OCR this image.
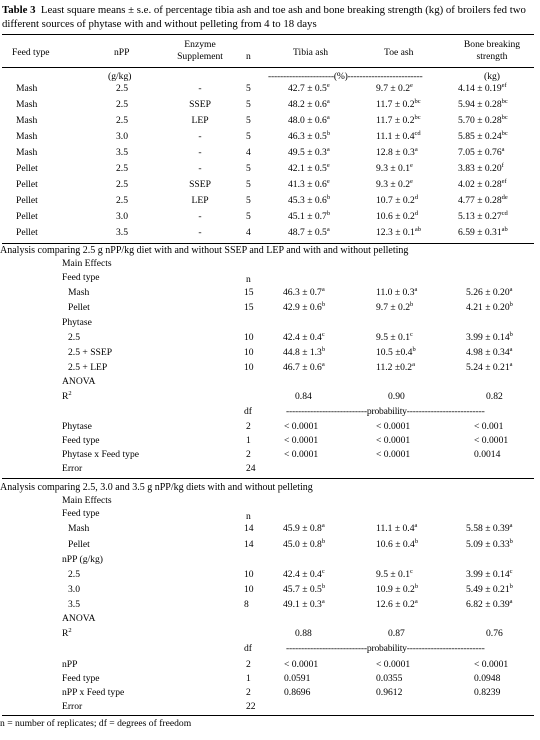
Table 3 Least square means ± s.e. of percentage tibia ash and toe ash and bone breaking strength (kg) of broilers fed two different sources of phytase with and without pelleting from 4 to 18 days
Feed type	nPP
Enzyme
Supplement	n	Tibia ash	Toe ash
Bone breaking
strength
(g/kg)	----------------------(%)-------------------------	(kg)
Mash	2.5	-	5	42.7 ± 0.5$^e$	9.7 ± 0.2$^e$	4.14 ± 0.19$^{ef}$
Mash	2.5	SSEP	5	48.2 ± 0.6$^a$	11.7 ± 0.2$^{bc}$	5.94 ± 0.28$^{bc}$
Mash	2.5	LEP	5	48.0 ± 0.6$^a$	11.7 ± 0.2$^{bc}$	5.70 ± 0.28$^{bc}$
Mash	3.0	-	5	46.3 ± 0.5$^b$	11.1 ± 0.4$^{cd}$	5.85 ± 0.24$^{bc}$
Mash	3.5	-	4	49.5 ± 0.3$^a$	12.8 ± 0.3$^a$	7.05 ± 0.76$^a$
Pellet	2.5	-	5	42.1 ± 0.5$^e$	9.3 ± 0.1$^e$	3.83 ± 0.20$^f$
Pellet	2.5	SSEP	5	41.3 ± 0.6$^e$	9.3 ± 0.2$^e$	4.02 ± 0.28$^{ef}$
Pellet	2.5	LEP	5	45.3 ± 0.6$^b$	10.7 ± 0.2$^d$	4.77 ± 0.28de
Pellet	3.0	-	5	45.1 ± 0.7$^b$	10.6 ± 0.2$^d$	5.13 ± 0.27$^{cd}$
Pellet	3.5	-	4	48.7 ± 0.5$^a$	12.3 ± 0.1$^{ab}$	6.59 ± 0.31$^{ab}$
Analysis comparing 2.5 g nPP/kg diet with and without SSEP and LEP and with and without pelleting
Main Effects
Feed type	n
Mash	15	46.3 ± 0.7$^a$	11.0 ± 0.3$^a$	5.26 ± 0.20$^a$
Pellet	15	42.9 ± 0.6$^b$	9.7 ± 0.2$^b$	4.21 ± 0.20$^b$
Phytase
2.5	10	42.4 ± 0.4$^c$	9.5 ± 0.1$^c$	3.99 ± 0.14$^b$
2.5 + SSEP	10	44.8 ± 1.3$^b$	10.5 ±0.4$^b$	4.98 ± 0.34$^a$
2.5 + LEP	10	46.7 ± 0.6$^a$	11.2 ±0.2$^a$	5.24 ± 0.21$^a$
ANOVA
$R^2$	0.84	0.90	0.82
df	---------------------------probability--------------------------
Phytase	2	< 0.0001	< 0.0001	< 0.001
Feed type	1	< 0.0001	< 0.0001	< 0.0001
Phytase x Feed type	2	< 0.0001	< 0.0001	0.0014
Error	24
Analysis comparing 2.5, 3.0 and 3.5 g nPP/kg diets with and without pelleting
Main Effects
Feed type	n
Mash	14	45.9 ± 0.8$^a$	11.1 ± 0.4$^a$	5.58 ± 0.39$^a$
Pellet	14	45.0 ± 0.8$^b$	10.6 ± 0.4$^b$	5.09 ± 0.33$^b$
nPP (g/kg)
2.5	10	42.4 ± 0.4$^c$	9.5 ± 0.1$^c$	3.99 ± 0.14$^c$
3.0	10	45.7 ± 0.5$^b$	10.9 ± 0.2$^b$	5.49 ± 0.21$^b$
3.5	8	49.1 ± 0.3$^a$	12.6 ± 0.2$^a$	6.82 ± 0.39$^a$
ANOVA
$R^2$	0.88	0.87	0.76
df	---------------------------probability--------------------------
nPP	2	< 0.0001	< 0.0001	< 0.0001
Feed type	1	0.0591	0.0355	0.0948
nPP x Feed type	2	0.8696	0.9612	0.8239
Error	22
n = number of replicates; df = degrees of freedom
